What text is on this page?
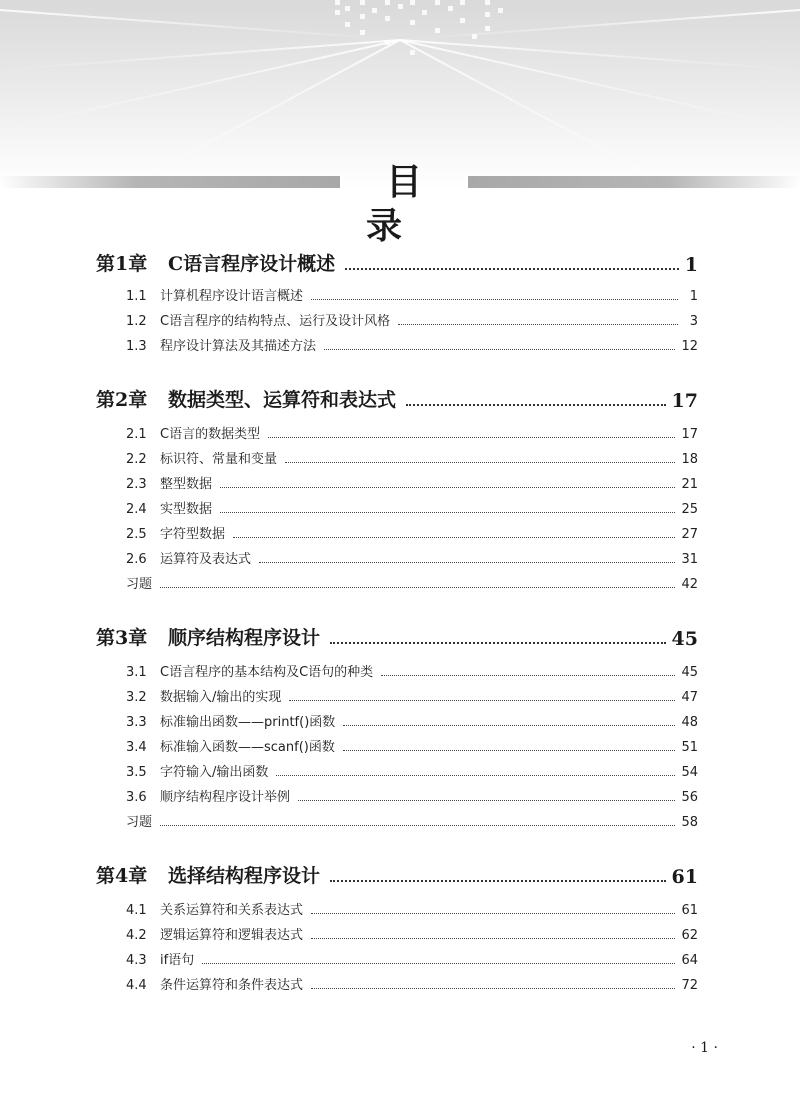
目 录
第1章	C语言程序设计概述	1
1.1	计算机程序设计语言概述	1
1.2	C语言程序的结构特点、运行及设计风格	3
1.3	程序设计算法及其描述方法	12
第2章	数据类型、运算符和表达式	17
2.1	C语言的数据类型	17
2.2	标识符、常量和变量	18
2.3	整型数据	21
2.4	实型数据	25
2.5	字符型数据	27
2.6	运算符及表达式	31
习题	42
第3章	顺序结构程序设计	45
3.1	C语言程序的基本结构及C语句的种类	45
3.2	数据输入/输出的实现	47
3.3	标准输出函数——printf()函数	48
3.4	标准输入函数——scanf()函数	51
3.5	字符输入/输出函数	54
3.6	顺序结构程序设计举例	56
习题	58
第4章	选择结构程序设计	61
4.1	关系运算符和关系表达式	61
4.2	逻辑运算符和逻辑表达式	62
4.3	if语句	64
4.4	条件运算符和条件表达式	72
· 1 ·
